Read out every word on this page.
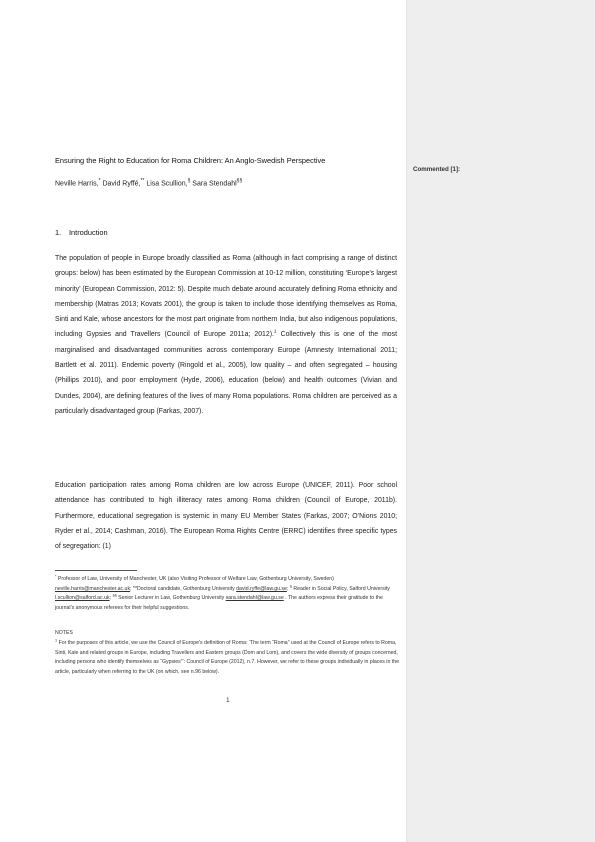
Ensuring the Right to Education for Roma Children: An Anglo-Swedish Perspective
Neville Harris,* David Ryffé,** Lisa Scullion,§ Sara Stendahl§§
1. Introduction
The population of people in Europe broadly classified as Roma (although in fact comprising a range of distinct groups: below) has been estimated by the European Commission at 10-12 million, constituting ‘Europe’s largest minority’ (European Commission, 2012: 5). Despite much debate around accurately defining Roma ethnicity and membership (Matras 2013; Kovats 2001), the group is taken to include those identifying themselves as Roma, Sinti and Kale, whose ancestors for the most part originate from northern India, but also indigenous populations, including Gypsies and Travellers (Council of Europe 2011a; 2012).$^1$ Collectively this is one of the most marginalised and disadvantaged communities across contemporary Europe (Amnesty International 2011; Bartlett et al. 2011). Endemic poverty (Ringold et al., 2005), low quality – and often segregated – housing (Phillips 2010), and poor employment (Hyde, 2006), education (below) and health outcomes (Vivian and Dundes, 2004), are defining features of the lives of many Roma populations. Roma children are perceived as a particularly disadvantaged group (Farkas, 2007).
Education participation rates among Roma children are low across Europe (UNICEF, 2011). Poor school attendance has contributed to high illiteracy rates among Roma children (Council of Europe, 2011b). Furthermore, educational segregation is systemic in many EU Member States (Farkas, 2007; O’Nions 2010; Ryder et al., 2014; Cashman, 2016). The European Roma Rights Centre (ERRC) identifies three specific types of segregation: (1)
* Professor of Law, University of Manchester, UK (also Visiting Professor of Welfare Law, Gothenburg University, Sweden) neville.harris@manchester.ac.uk; **Doctoral candidate, Gothenburg University david.ryffe@law.gu.se; § Reader in Social Policy, Salford University l.scullion@salford.ac.uk; §§ Senior Lecturer in Law, Gothenburg University sara.stendahl@law.gu.se . The authors express their gratitude to the journal’s anonymous referees for their helpful suggestions.
NOTES
$^1$ For the purposes of this article, we use the Council of Europe’s definition of Roma: ‘The term “Roma” used at the Council of Europe refers to Roma, Sinti, Kale and related groups in Europe, including Travellers and Eastern groups (Dom and Lom), and covers the wide diversity of groups concerned, including persons who identify themselves as “Gypsies”’: Council of Europe (2012), n.7. However, we refer to these groups individually in places in the article, particularly when referring to the UK (on which, see n.96 below).
1
Commented [1]:
